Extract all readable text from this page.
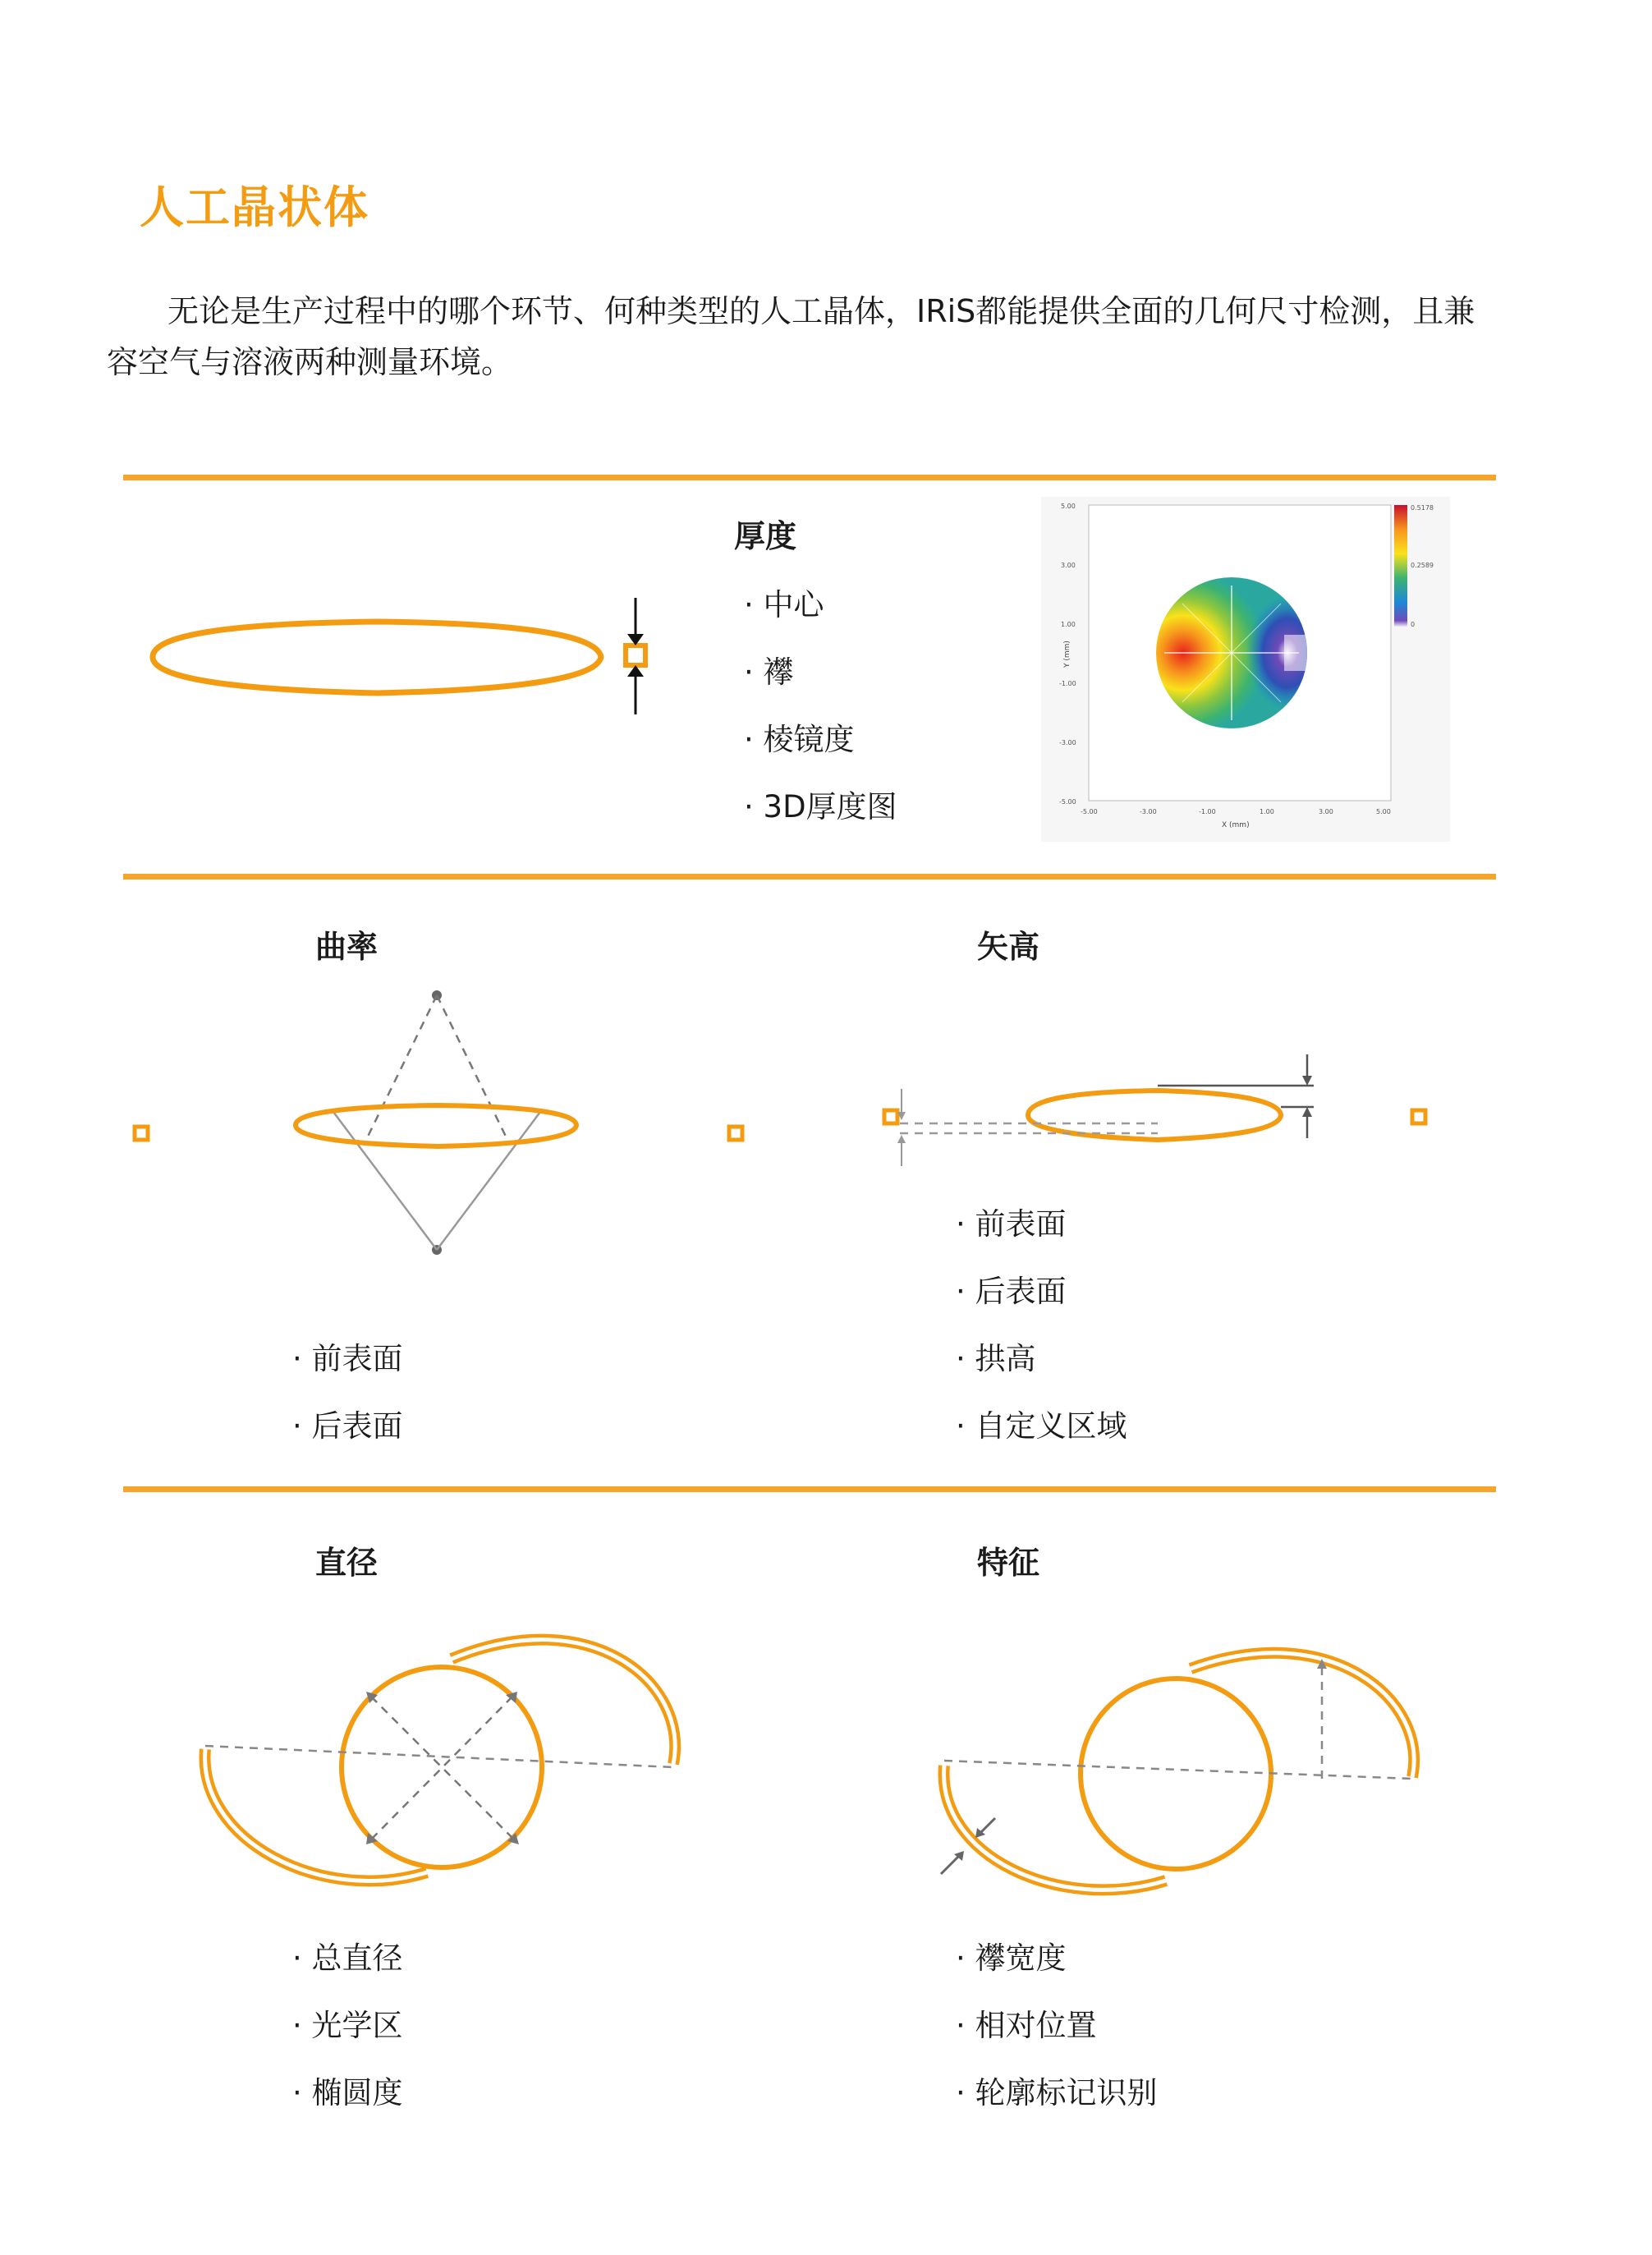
人工晶状体

无论是生产过程中的哪个环节、何种类型的人工晶体，IRiS都能提供全面的几何尺寸检测，且兼容空气与溶液两种测量环境。

厚度
· 中心
· 襻
· 棱镜度
· 3D厚度图
0.5178
0.2589
0
5.00
3.00
1.00
-1.00
-3.00
-5.00
-5.00	-3.00	-1.00	1.00	3.00	5.00
X (mm)
Y (mm)
曲率
· 前表面
· 后表面
矢高
· 前表面
· 后表面
· 拱高
· 自定义区域
直径
· 总直径
· 光学区
· 椭圆度
特征
· 襻宽度
· 相对位置
· 轮廓标记识别
